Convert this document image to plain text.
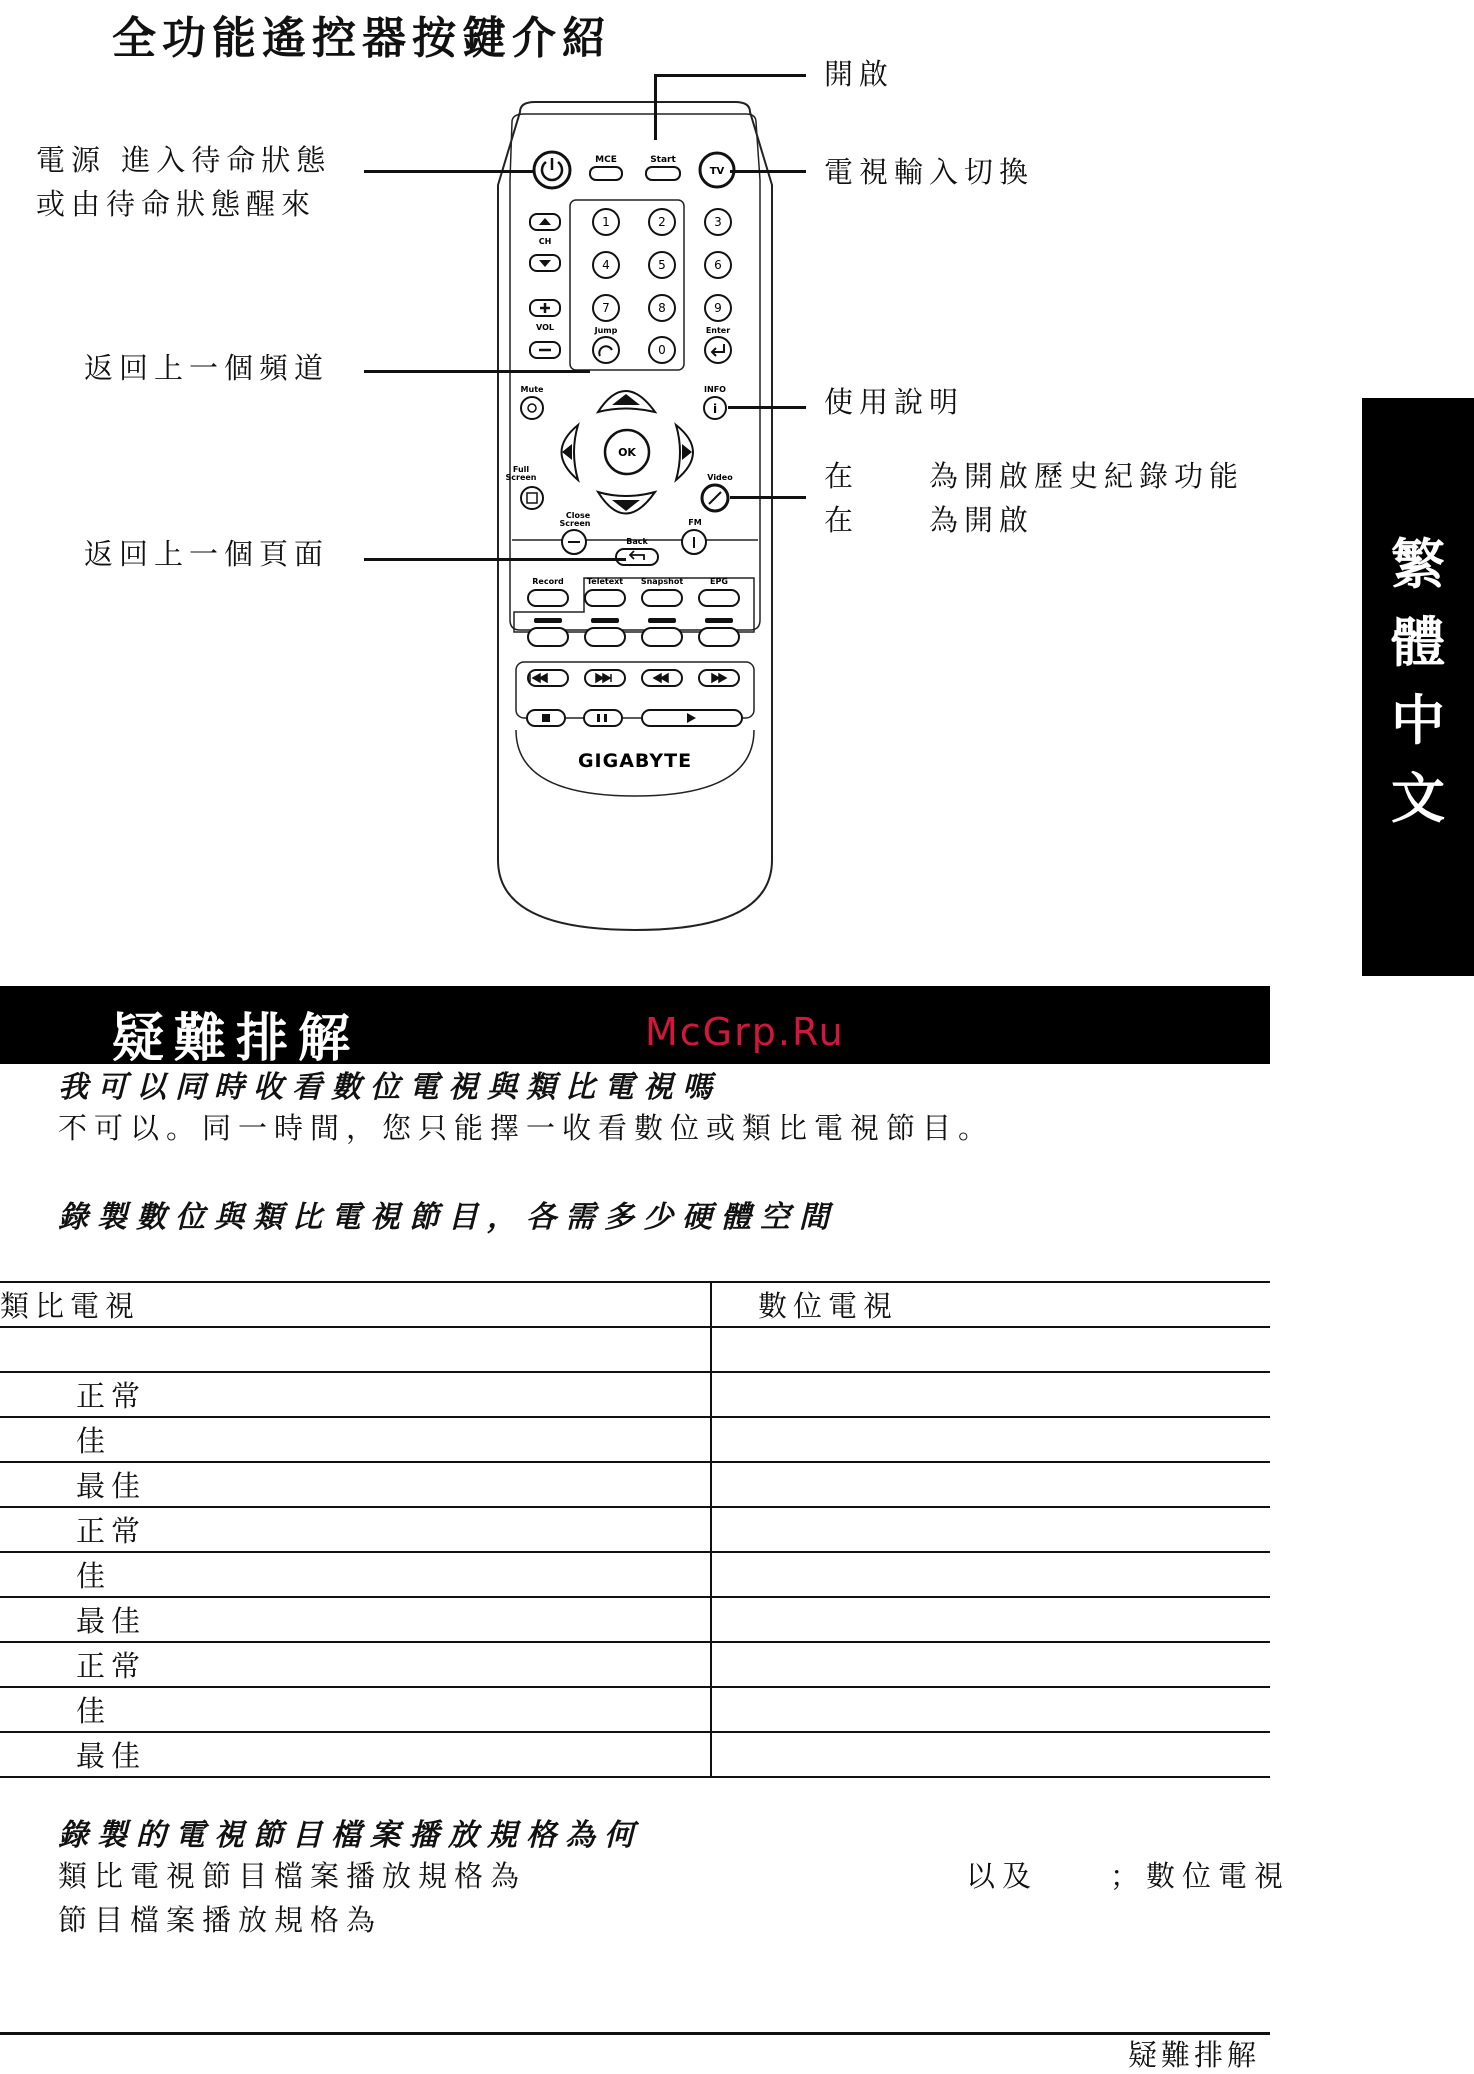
全功能遙控器按鍵介紹
MCE	Start
TV
CH
VOL
1	2	3
4	5	6
7	8	9
Jump
0
Enter
Mute	INFO
i
OK
Full
Screen	Video
Close
Screen
Back
FM
Record	Teletext Snapshot	EPG
GIGABYTE
開啟
電源 進入待命狀態
或由待命狀態醒來
電視輸入切換
返回上一個頻道
使用說明
在　　為開啟歷史紀錄功能
在　　為開啟
返回上一個頁面	繁
體
中
文
疑難排解	McGrp.Ru
我可以同時收看數位電視與類比電視嗎
不可以。同一時間，您只能擇一收看數位或類比電視節目。
錄製數位與類比電視節目，各需多少硬體空間
類比電視	數位電視

正常	
佳	
最佳	
正常	
佳	
最佳	
正常	
佳	
最佳	
錄製的電視節目檔案播放規格為何
類比電視節目檔案播放規格為	以及　　；數位電視
節目檔案播放規格為
疑難排解
